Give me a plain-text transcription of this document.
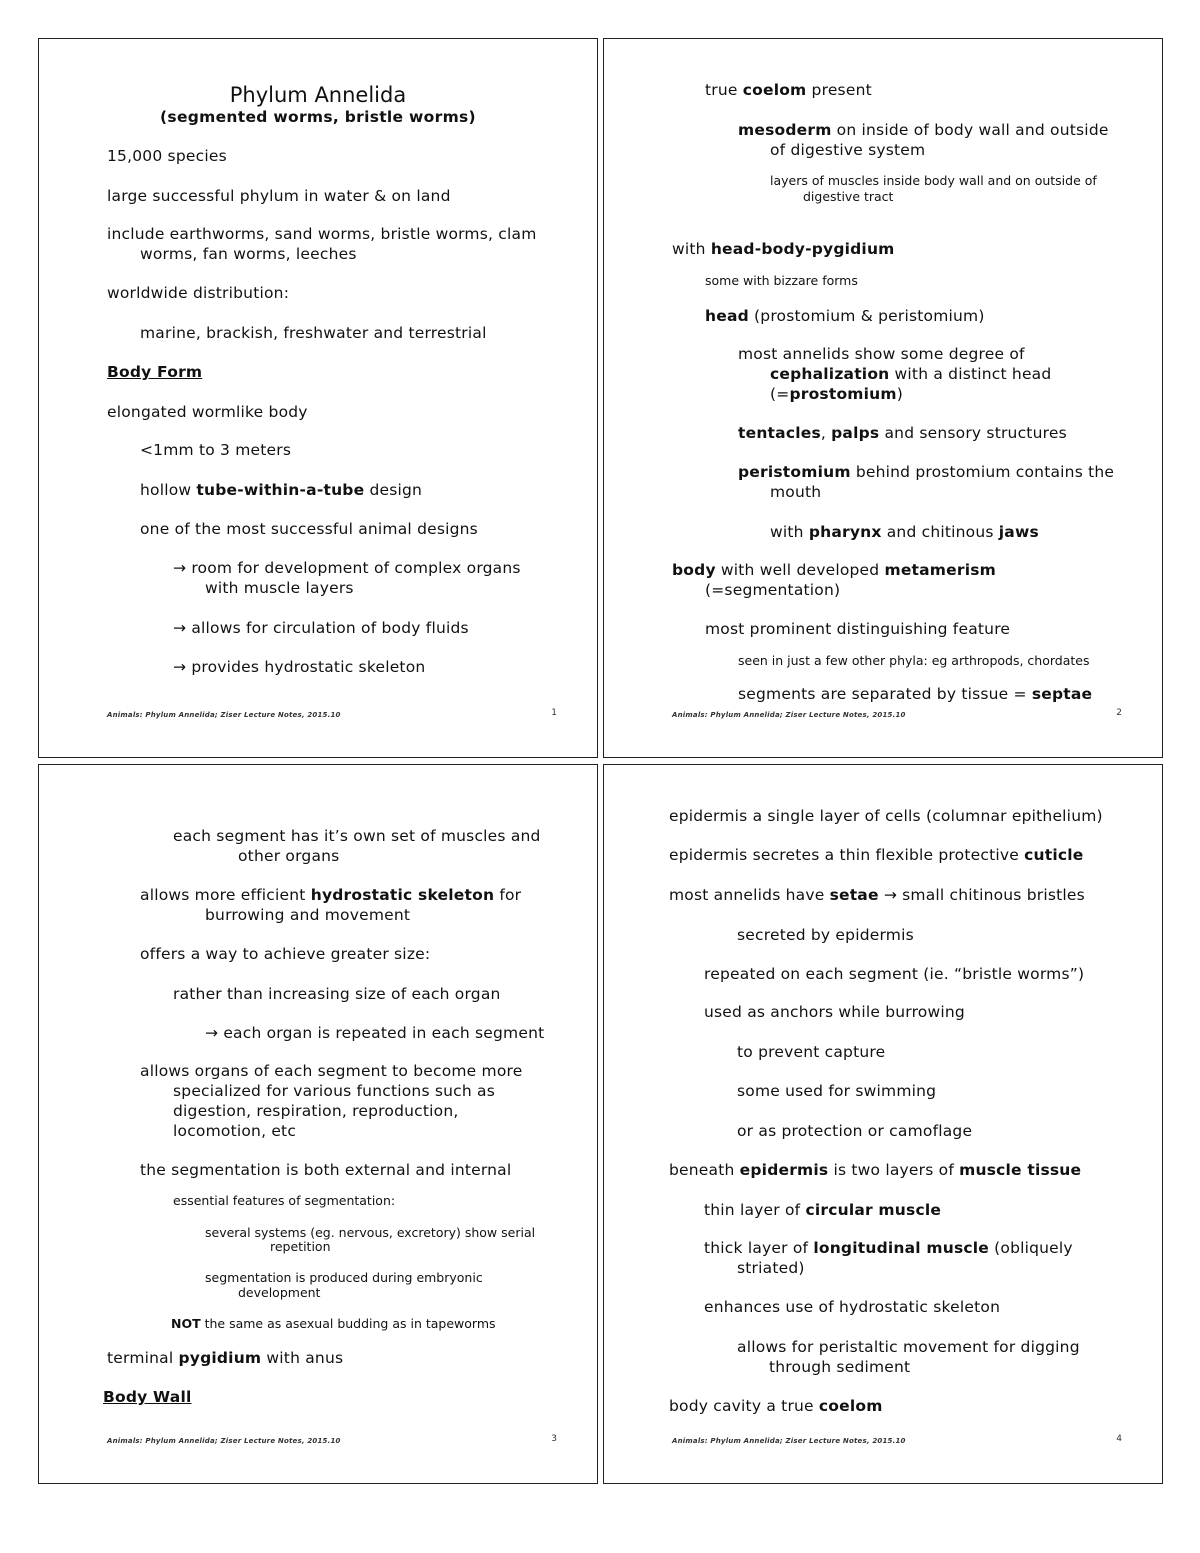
Phylum Annelida
(segmented worms, bristle worms)
15,000 species
large successful phylum in water & on land
include earthworms, sand worms, bristle worms, clam
worms, fan worms, leeches
worldwide distribution:
marine, brackish, freshwater and terrestrial
Body Form
elongated wormlike body
<1mm to 3 meters
hollow tube-within-a-tube design
one of the most successful animal designs
→ room for development of complex organs
with muscle layers
→ allows for circulation of body fluids
→ provides hydrostatic skeleton
Animals: Phylum Annelida; Ziser Lecture Notes, 2015.10	1
true coelom present
mesoderm on inside of body wall and outside
of digestive system
layers of muscles inside body wall and on outside of
digestive tract
with head-body-pygidium
some with bizzare forms
head (prostomium & peristomium)
most annelids show some degree of
cephalization with a distinct head
(=prostomium)
tentacles, palps and sensory structures
peristomium behind prostomium contains the
mouth
with pharynx and chitinous jaws
body with well developed metamerism
(=segmentation)
most prominent distinguishing feature
seen in just a few other phyla: eg arthropods, chordates
segments are separated by tissue = septae
Animals: Phylum Annelida; Ziser Lecture Notes, 2015.10	2
each segment has it’s own set of muscles and
other organs
allows more efficient hydrostatic skeleton for
burrowing and movement
offers a way to achieve greater size:
rather than increasing size of each organ
→ each organ is repeated in each segment
allows organs of each segment to become more
specialized for various functions such as
digestion, respiration, reproduction,
locomotion, etc
the segmentation is both external and internal
essential features of segmentation:
several systems (eg. nervous, excretory) show serial
repetition
segmentation is produced during embryonic
development
NOT the same as asexual budding as in tapeworms
terminal pygidium with anus
Body Wall
Animals: Phylum Annelida; Ziser Lecture Notes, 2015.10	3
epidermis a single layer of cells (columnar epithelium)
epidermis secretes a thin flexible protective cuticle
most annelids have setae → small chitinous bristles
secreted by epidermis
repeated on each segment (ie. “bristle worms”)
used as anchors while burrowing
to prevent capture
some used for swimming
or as protection or camoflage
beneath epidermis is two layers of muscle tissue
thin layer of circular muscle
thick layer of longitudinal muscle (obliquely
striated)
enhances use of hydrostatic skeleton
allows for peristaltic movement for digging
through sediment
body cavity a true coelom
Animals: Phylum Annelida; Ziser Lecture Notes, 2015.10	4
